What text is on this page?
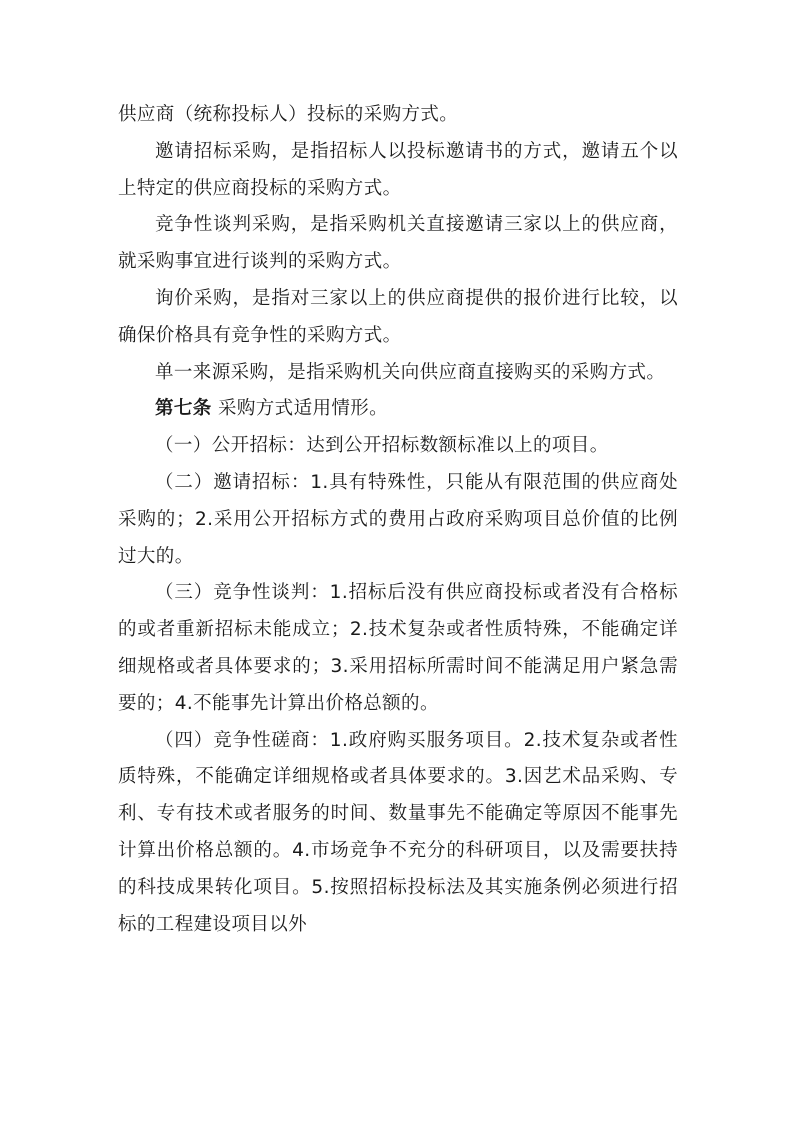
供应商（统称投标人）投标的采购方式。

邀请招标采购，是指招标人以投标邀请书的方式，邀请五个以上特定的供应商投标的采购方式。

竞争性谈判采购，是指采购机关直接邀请三家以上的供应商，就采购事宜进行谈判的采购方式。

询价采购，是指对三家以上的供应商提供的报价进行比较，以确保价格具有竞争性的采购方式。

单一来源采购，是指采购机关向供应商直接购买的采购方式。

第七条 采购方式适用情形。

（一）公开招标：达到公开招标数额标准以上的项目。

（二）邀请招标：1.具有特殊性，只能从有限范围的供应商处采购的；2.采用公开招标方式的费用占政府采购项目总价值的比例过大的。

（三）竞争性谈判：1.招标后没有供应商投标或者没有合格标的或者重新招标未能成立；2.技术复杂或者性质特殊，不能确定详细规格或者具体要求的；3.采用招标所需时间不能满足用户紧急需要的；4.不能事先计算出价格总额的。

（四）竞争性磋商：1.政府购买服务项目。2.技术复杂或者性质特殊，不能确定详细规格或者具体要求的。3.因艺术品采购、专利、专有技术或者服务的时间、数量事先不能确定等原因不能事先计算出价格总额的。4.市场竞争不充分的科研项目，以及需要扶持的科技成果转化项目。5.按照招标投标法及其实施条例必须进行招标的工程建设项目以外
